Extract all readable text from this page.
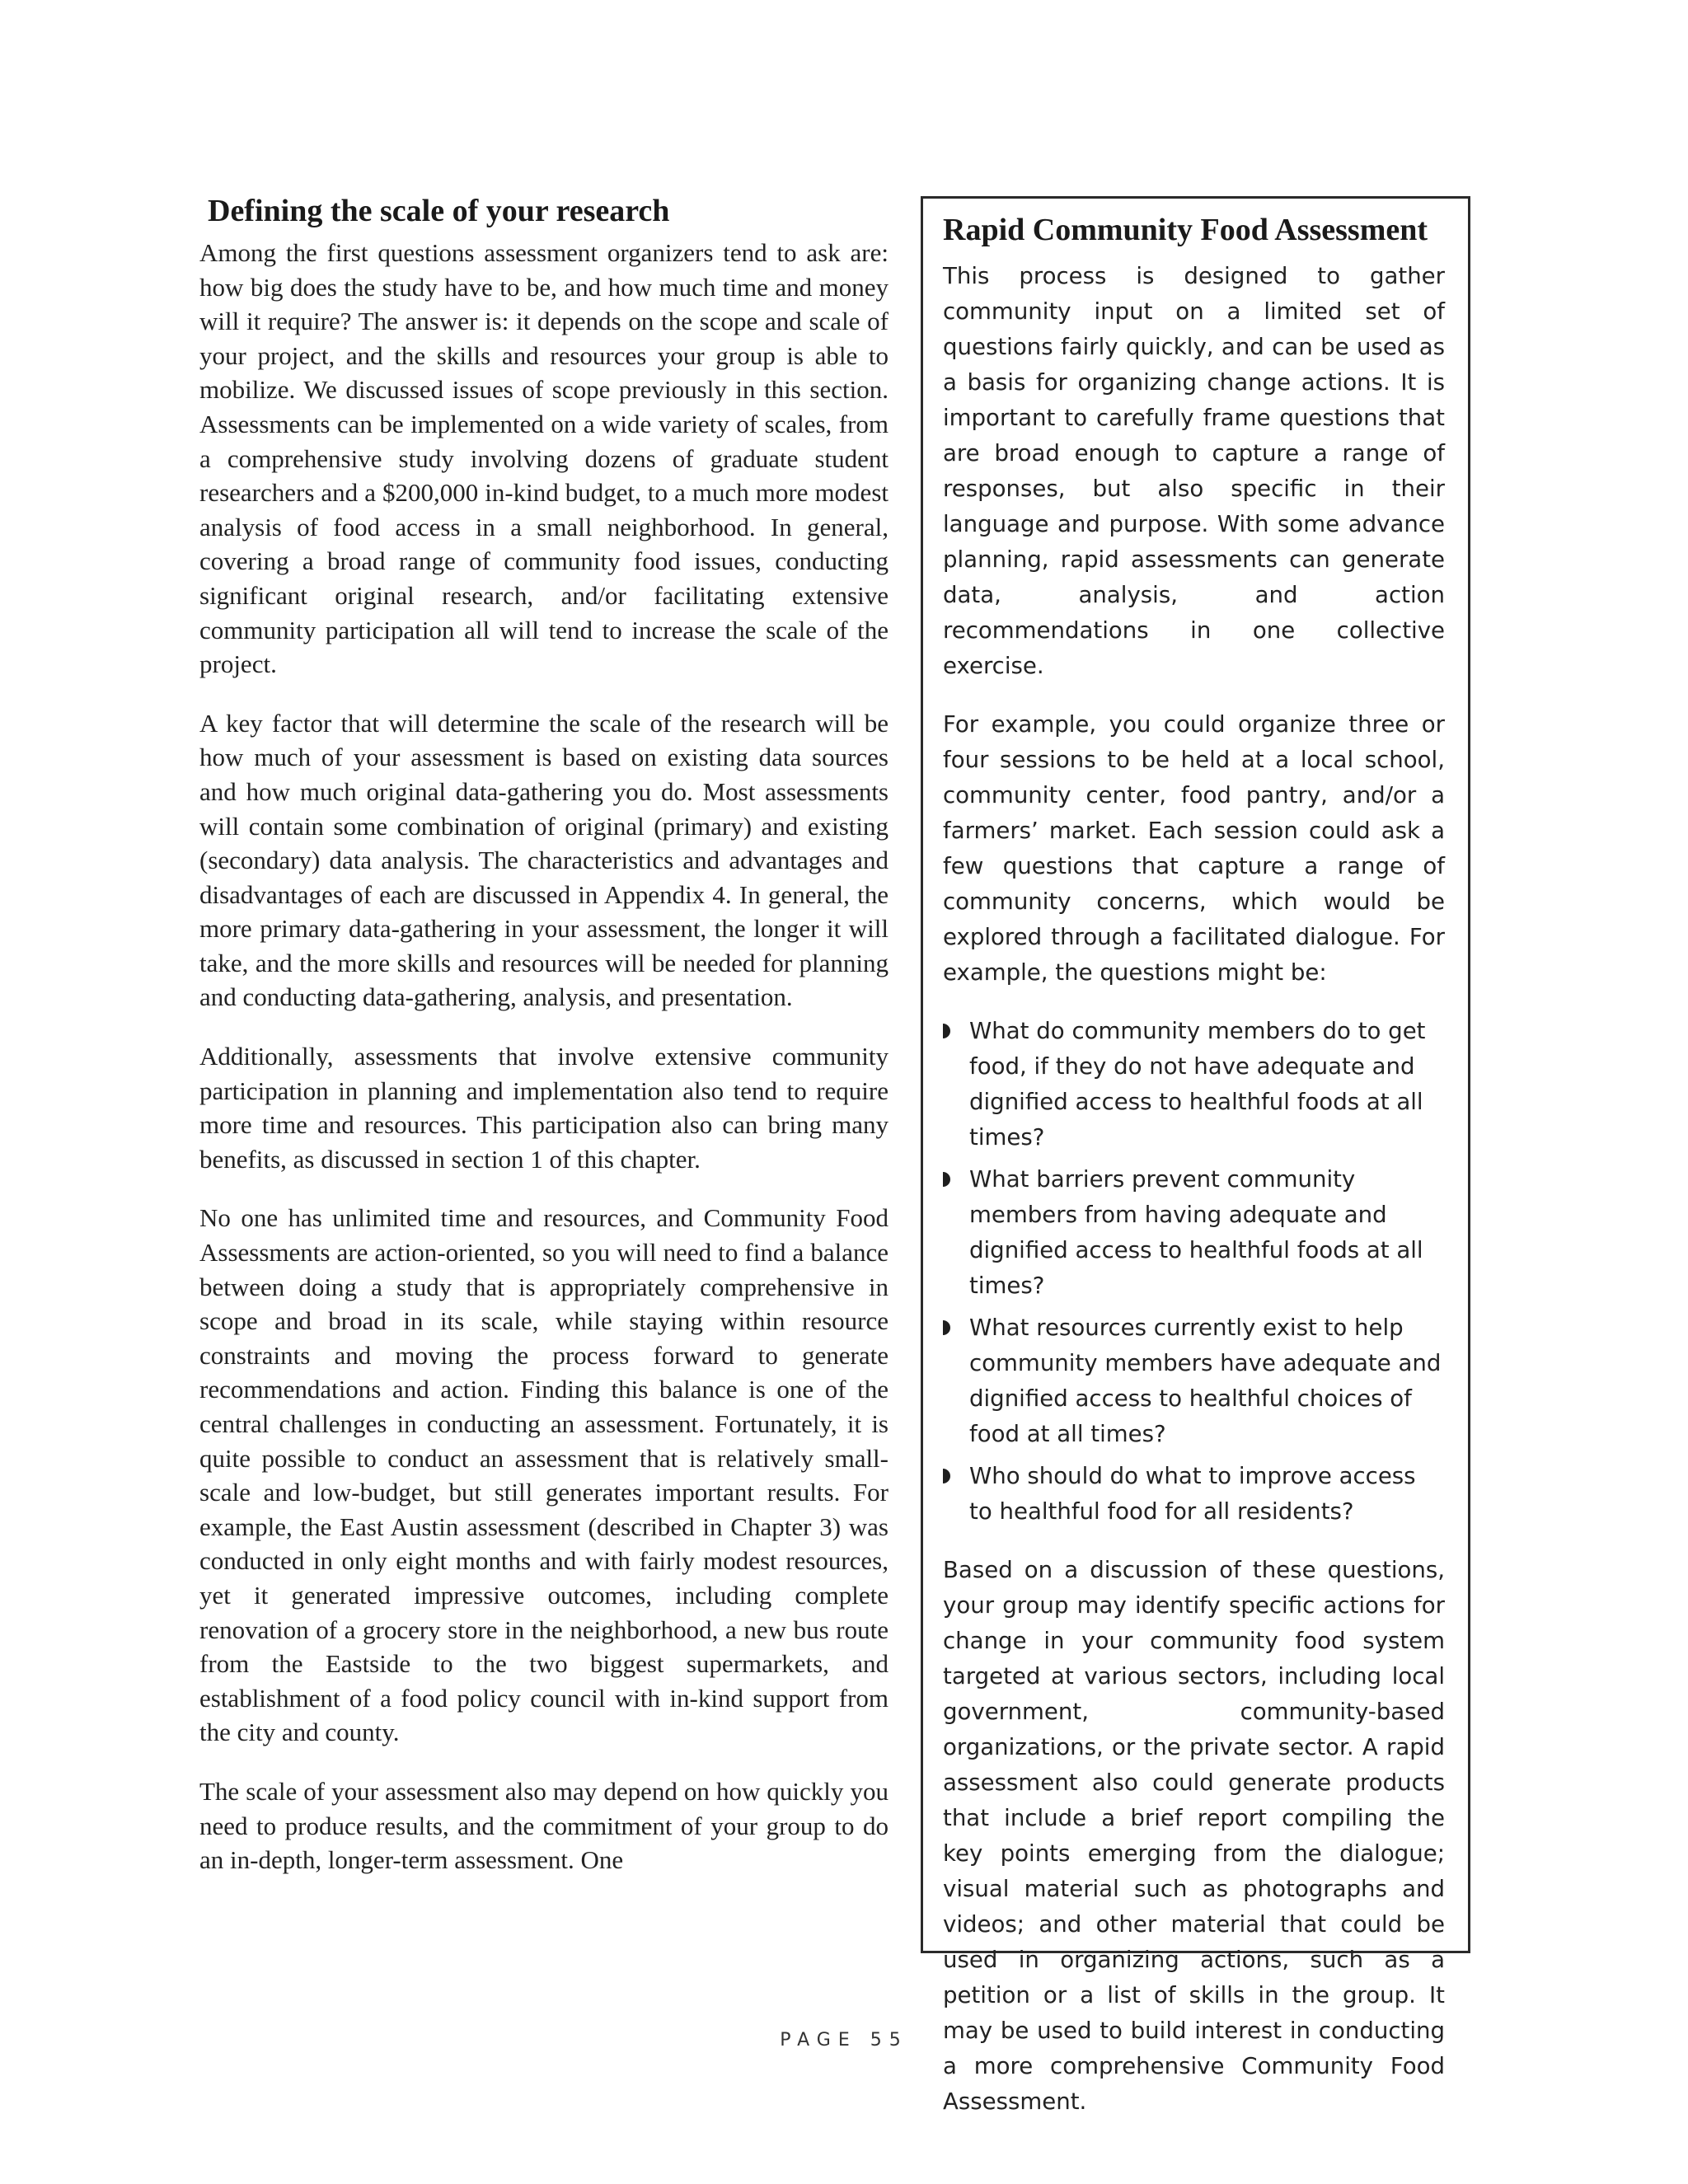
Defining the scale of your research

Among the first questions assessment organizers tend to ask are: how big does the study have to be, and how much time and money will it require? The answer is: it depends on the scope and scale of your project, and the skills and resources your group is able to mobilize. We discussed issues of scope previously in this section. Assessments can be implemented on a wide variety of scales, from a comprehensive study involving dozens of graduate student researchers and a $200,000 in-kind budget, to a much more modest analysis of food access in a small neighborhood. In general, covering a broad range of community food issues, conducting significant original research, and/or facilitating extensive community participation all will tend to increase the scale of the project.

A key factor that will determine the scale of the research will be how much of your assessment is based on existing data sources and how much original data-gathering you do. Most assessments will contain some combination of original (primary) and existing (secondary) data analysis. The characteristics and advantages and disadvantages of each are discussed in Appendix 4. In general, the more primary data-gathering in your assessment, the longer it will take, and the more skills and resources will be needed for planning and conducting data-gathering, analysis, and presentation.

Additionally, assessments that involve extensive community participation in planning and implementation also tend to require more time and resources. This participation also can bring many benefits, as discussed in section 1 of this chapter.

No one has unlimited time and resources, and Community Food Assessments are action-oriented, so you will need to find a balance between doing a study that is appropriately comprehensive in scope and broad in its scale, while staying within resource constraints and moving the process forward to generate recommendations and action. Finding this balance is one of the central challenges in conducting an assessment. Fortunately, it is quite possible to conduct an assessment that is relatively small-scale and low-budget, but still generates important results. For example, the East Austin assessment (described in Chapter 3) was conducted in only eight months and with fairly modest resources, yet it generated impressive outcomes, including complete renovation of a grocery store in the neighborhood, a new bus route from the Eastside to the two biggest supermarkets, and establishment of a food policy council with in-kind support from the city and county.

The scale of your assessment also may depend on how quickly you need to produce results, and the commitment of your group to do an in-depth, longer-term assessment. One

Rapid Community Food Assessment

This process is designed to gather community input on a limited set of questions fairly quickly, and can be used as a basis for organizing change actions. It is important to carefully frame questions that are broad enough to capture a range of responses, but also specific in their language and purpose. With some advance planning, rapid assessments can generate data, analysis, and action recommendations in one collective exercise.

For example, you could organize three or four sessions to be held at a local school, community center, food pantry, and/or a farmers’ market. Each session could ask a few questions that capture a range of community concerns, which would be explored through a facilitated dialogue. For example, the questions might be:

What do community members do to get food, if they do not have adequate and dignified access to healthful foods at all times?
What barriers prevent community members from having adequate and dignified access to healthful foods at all times?
What resources currently exist to help community members have adequate and dignified access to healthful choices of food at all times?
Who should do what to improve access to healthful food for all residents?

Based on a discussion of these questions, your group may identify specific actions for change in your community food system targeted at various sectors, including local government, community-based organizations, or the private sector. A rapid assessment also could generate products that include a brief report compiling the key points emerging from the dialogue; visual material such as photographs and videos; and other material that could be used in organizing actions, such as a petition or a list of skills in the group. It may be used to build interest in conducting a more comprehensive Community Food Assessment.

PAGE 55
